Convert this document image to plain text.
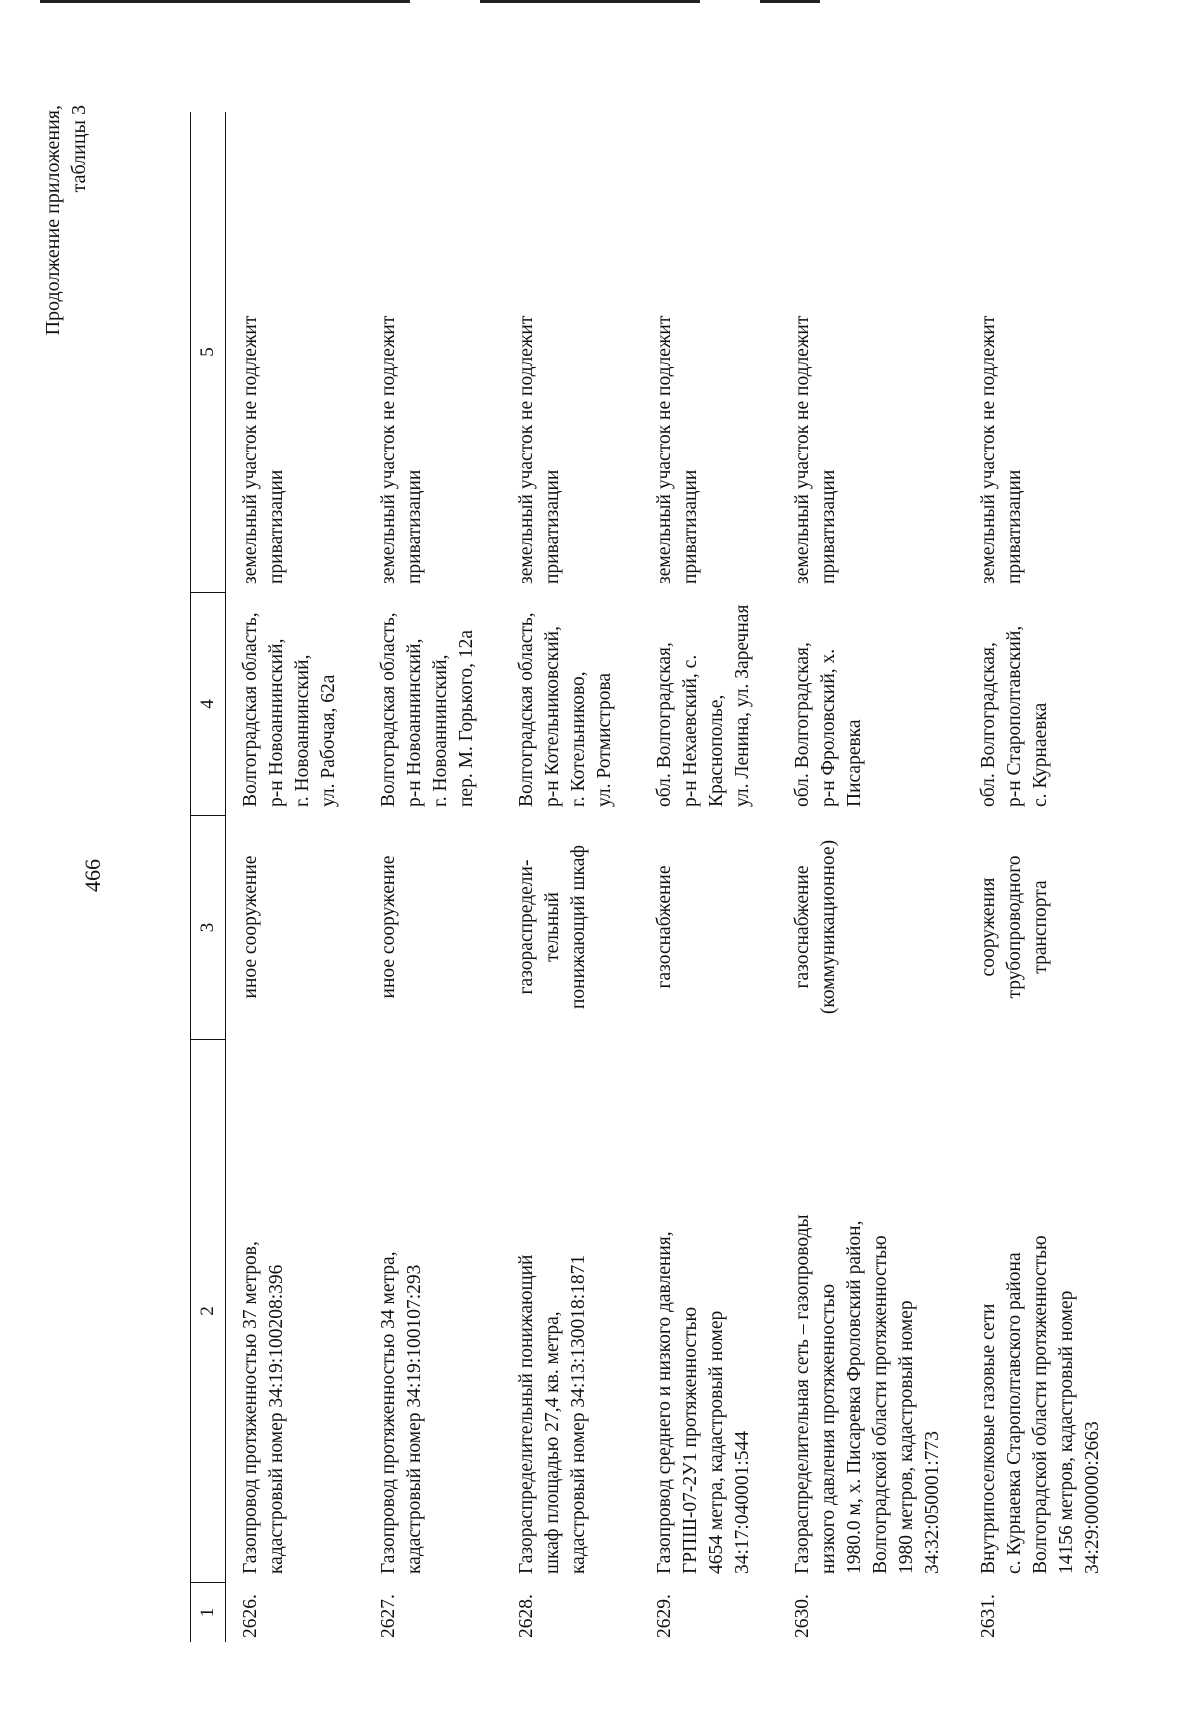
466
Продолжение приложения, таблицы 3
1
2
3
4
5
2626.
Газопровод протяженностью 37 метров,
кадастровый номер 34:19:100208:396
иное сооружение
Волгоградская область,
р-н Новоаннинский,
г. Новоаннинский,
ул. Рабочая, 62а
земельный участок не подлежит
приватизации
2627.
Газопровод протяженностью 34 метра,
кадастровый номер 34:19:100107:293
иное сооружение
Волгоградская область,
р-н Новоаннинский,
г. Новоаннинский,
пер. М. Горького, 12а
земельный участок не подлежит
приватизации
2628.
Газораспределительный понижающий
шкаф площадью 27,4 кв. метра,
кадастровый номер 34:13:130018:1871
газораспредели-
тельный
понижающий шкаф
Волгоградская область,
р-н Котельниковский,
г. Котельниково,
ул. Ротмистрова
земельный участок не подлежит
приватизации
2629.
Газопровод среднего и низкого давления,
ГРПШ-07-2У1 протяженностью
4654 метра, кадастровый номер
34:17:040001:544
газоснабжение
обл. Волгоградская,
р-н Нехаевский, с. Краснополье,
ул. Ленина, ул. Заречная
земельный участок не подлежит
приватизации
2630.
Газораспределительная сеть – газопроводы
низкого давления протяженностью
1980.0 м, х. Писаревка Фроловский район,
Волгоградской области протяженностью
1980 метров, кадастровый номер
34:32:050001:773
газоснабжение
(коммуникационное)
обл. Волгоградская,
р-н Фроловский, х. Писаревка
земельный участок не подлежит
приватизации
2631.
Внутрипоселковые газовые сети
с. Курнаевка Старополтавского района
Волгоградской области протяженностью
14156 метров, кадастровый номер
34:29:000000:2663
сооружения
трубопроводного
транспорта
обл. Волгоградская,
р-н Старополтавский,
с. Курнаевка
земельный участок не подлежит
приватизации
